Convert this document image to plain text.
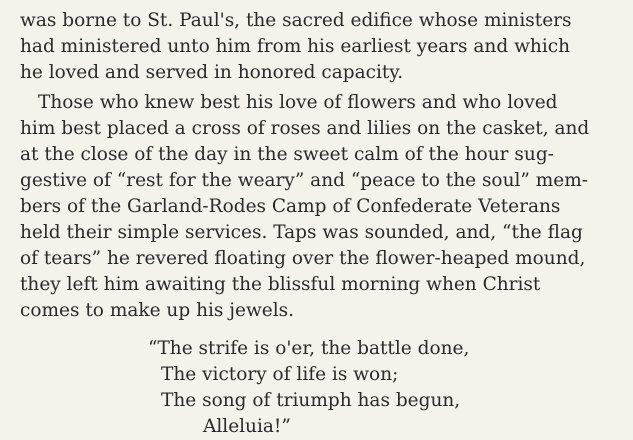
was borne to St. Paul's, the sacred edifice whose ministers
had ministered unto him from his earliest years and which
he loved and served in honored capacity.
Those who knew best his love of flowers and who loved
him best placed a cross of roses and lilies on the casket, and
at the close of the day in the sweet calm of the hour sug-
gestive of “rest for the weary” and “peace to the soul” mem-
bers of the Garland-Rodes Camp of Confederate Veterans
held their simple services. Taps was sounded, and, “the flag
of tears” he revered floating over the flower-heaped mound,
they left him awaiting the blissful morning when Christ
comes to make up his jewels.
“The strife is o'er, the battle done,
The victory of life is won;
The song of triumph has begun,
Alleluia!”
